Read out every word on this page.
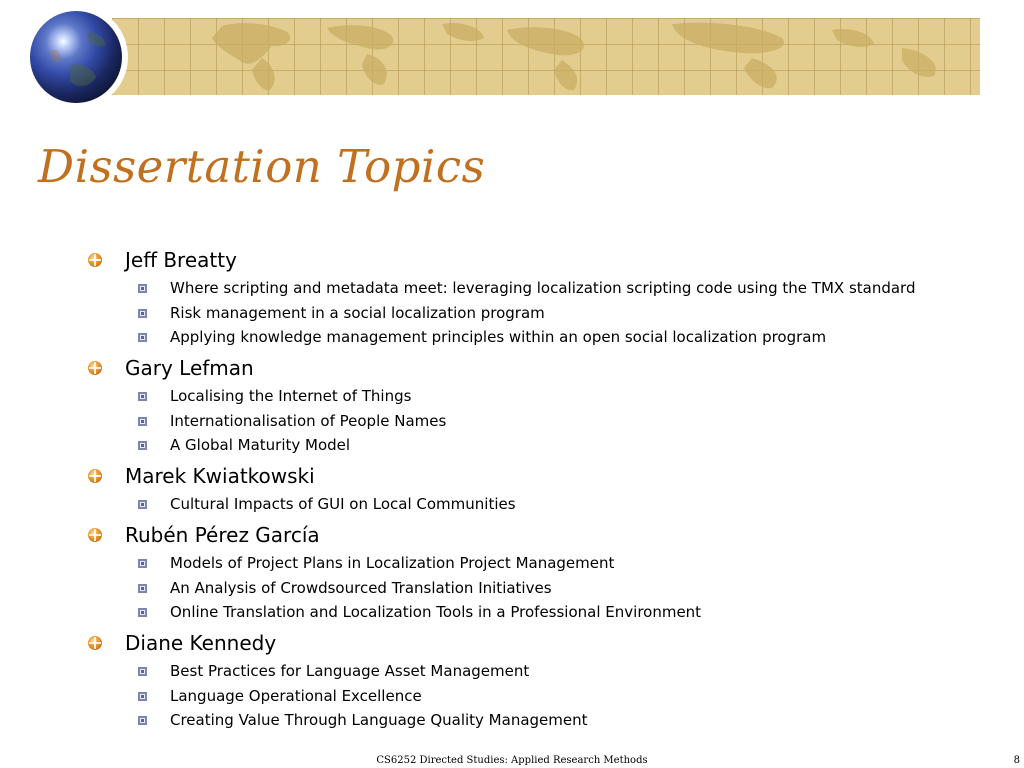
Dissertation Topics
Jeff Breatty
Where scripting and metadata meet: leveraging localization scripting code using the TMX standard
Risk management in a social localization program
Applying knowledge management principles within an open social localization program
Gary Lefman
Localising the Internet of Things
Internationalisation of People Names
A Global Maturity Model
Marek Kwiatkowski
Cultural Impacts of GUI on Local Communities
Rubén Pérez García
Models of Project Plans in Localization Project Management
An Analysis of Crowdsourced Translation Initiatives
Online Translation and Localization Tools in a Professional Environment
Diane Kennedy
Best Practices for Language Asset Management
Language Operational Excellence
Creating Value Through Language Quality Management
CS6252 Directed Studies: Applied Research Methods	8
